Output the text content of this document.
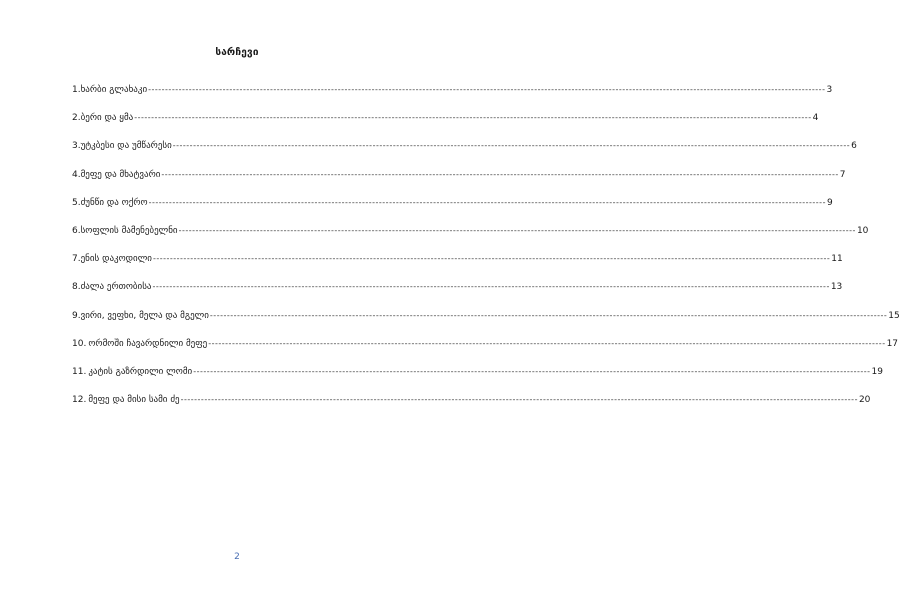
სარჩევი
1. ხარბი გლახაკი -------------------------------------------------------------------------------------------------------------------------------------------------------------------------------------------------------- 3
2. ბერი და ყმა -------------------------------------------------------------------------------------------------------------------------------------------------------------------------------------------------------- 4
3. უტკბესი და უმწარესი -------------------------------------------------------------------------------------------------------------------------------------------------------------------------------------------------------- 6
4. მეფე და მხატვარი -------------------------------------------------------------------------------------------------------------------------------------------------------------------------------------------------------- 7
5. ძუნწი და ოქრო -------------------------------------------------------------------------------------------------------------------------------------------------------------------------------------------------------- 9
6. სოფლის მამენებელნი -------------------------------------------------------------------------------------------------------------------------------------------------------------------------------------------------------- 10
7. ენის დაკოდილი -------------------------------------------------------------------------------------------------------------------------------------------------------------------------------------------------------- 11
8. ძალა ერთობისა -------------------------------------------------------------------------------------------------------------------------------------------------------------------------------------------------------- 13
9. ვირი, ვეფხი, მელა და მგელი -------------------------------------------------------------------------------------------------------------------------------------------------------------------------------------------------------- 15
10. ორმოში ჩავარდნილი მეფე -------------------------------------------------------------------------------------------------------------------------------------------------------------------------------------------------------- 17
11. კატის გაზრდილი ლომი -------------------------------------------------------------------------------------------------------------------------------------------------------------------------------------------------------- 19
12. მეფე და მისი სამი ძე -------------------------------------------------------------------------------------------------------------------------------------------------------------------------------------------------------- 20
2
